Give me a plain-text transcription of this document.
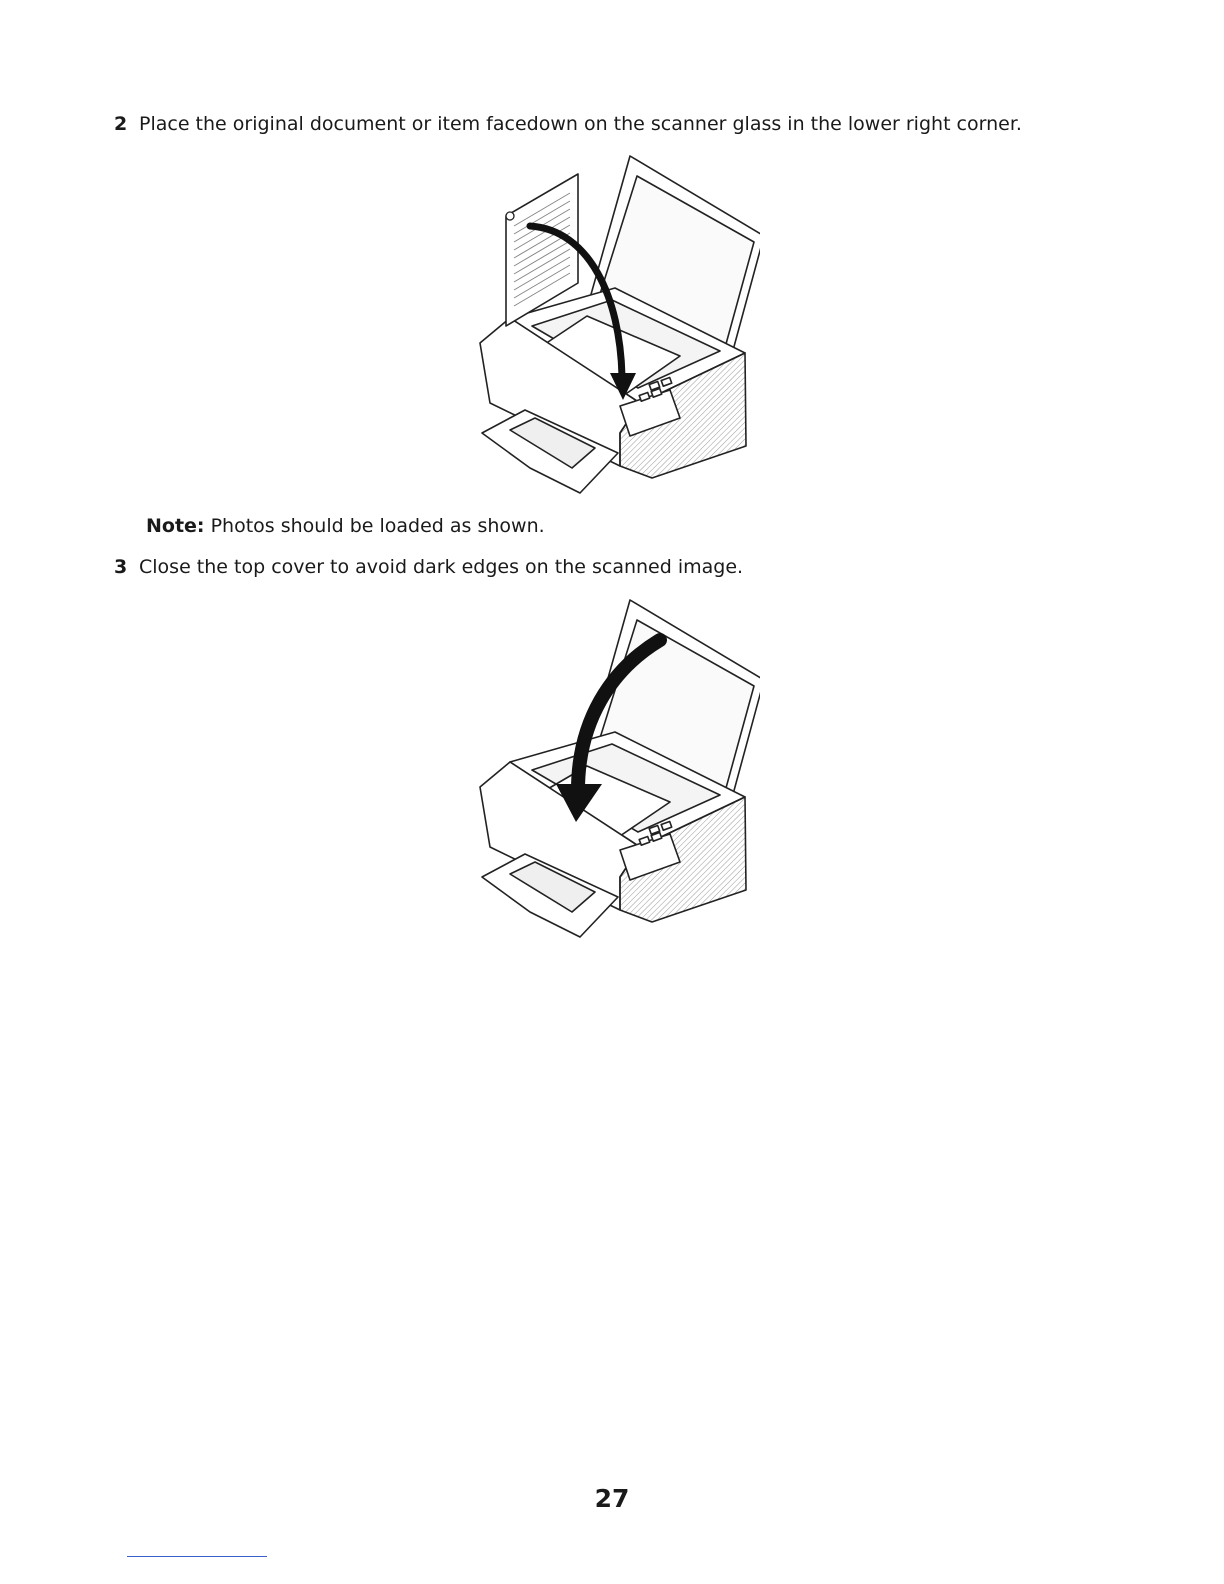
2 Place the original document or item facedown on the scanner glass in the lower right corner.
Note: Photos should be loaded as shown.
3 Close the top cover to avoid dark edges on the scanned image.
27
